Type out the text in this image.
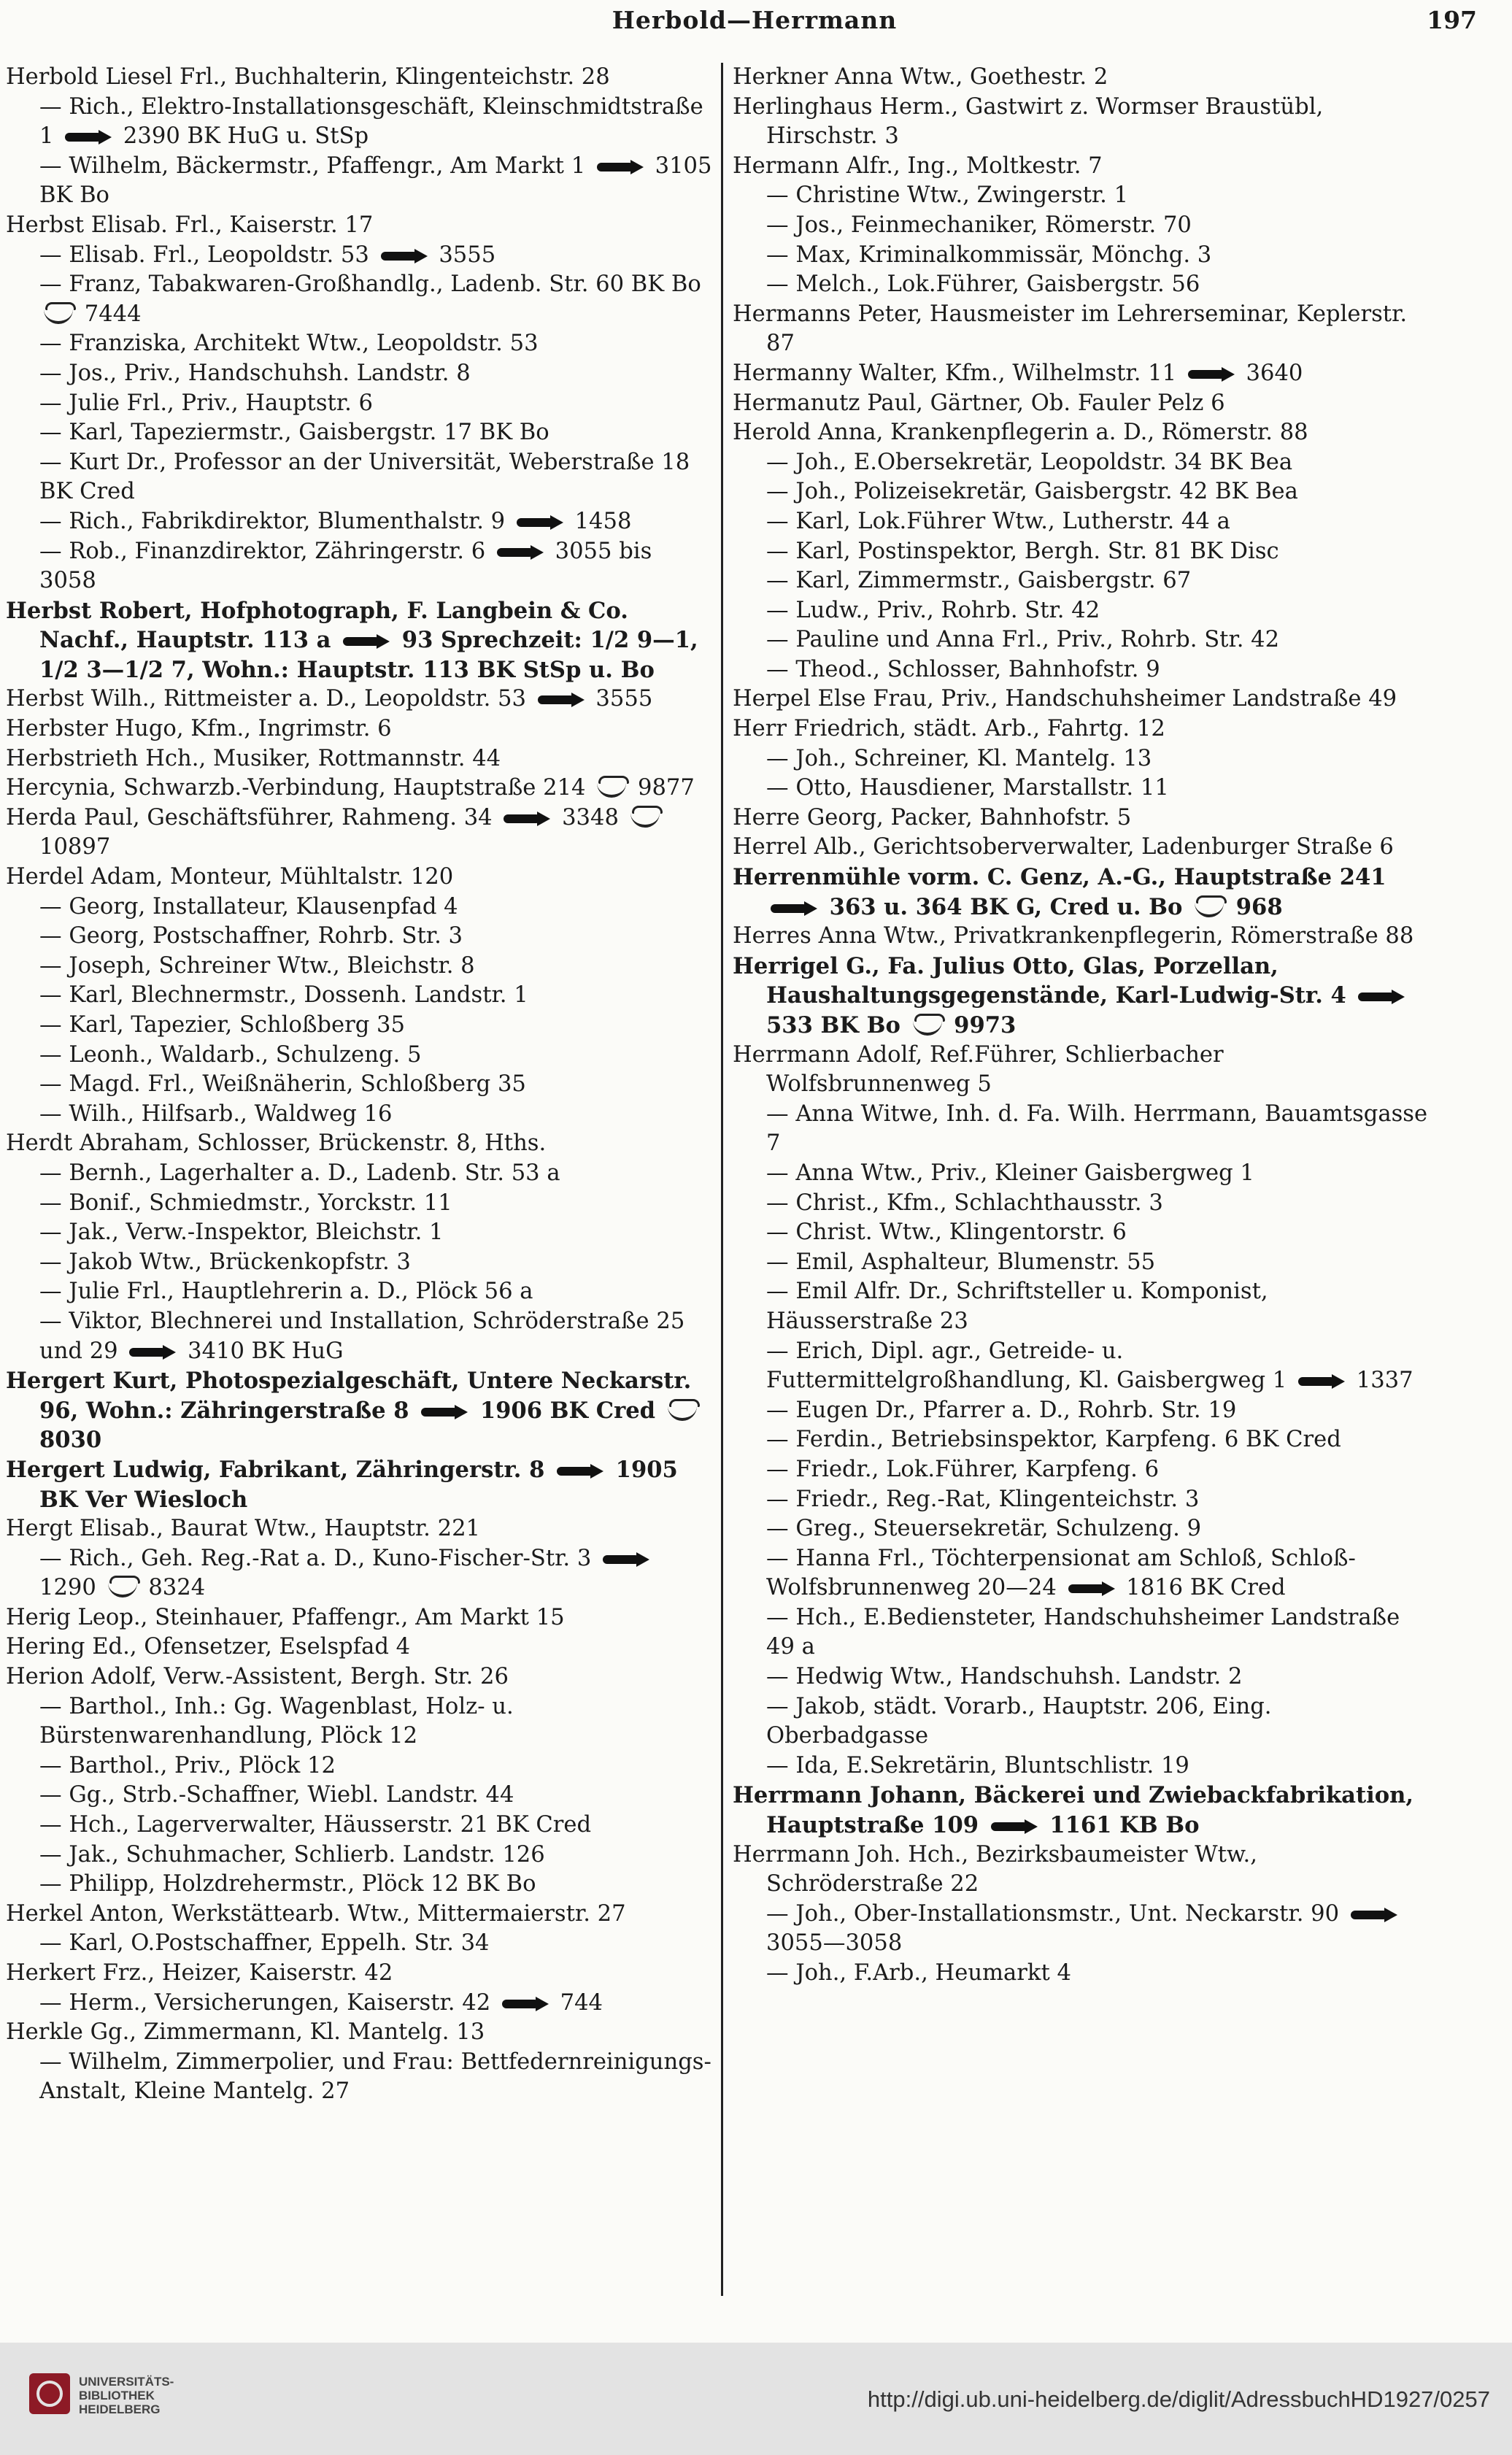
Herbold—Herrmann	197

Herbold Liesel Frl., Buchhalterin, Klingenteichstr. 28

— Rich., Elektro-Installationsgeschäft, Kleinschmidtstraße 1  2390 BK HuG u. StSp

— Wilhelm, Bäckermstr., Pfaffengr., Am Markt 1  3105 BK Bo

Herbst Elisab. Frl., Kaiserstr. 17

— Elisab. Frl., Leopoldstr. 53  3555

— Franz, Tabakwaren-Großhandlg., Ladenb. Str. 60 BK Bo  7444

— Franziska, Architekt Wtw., Leopoldstr. 53

— Jos., Priv., Handschuhsh. Landstr. 8

— Julie Frl., Priv., Hauptstr. 6

— Karl, Tapeziermstr., Gaisbergstr. 17 BK Bo

— Kurt Dr., Professor an der Universität, Weberstraße 18 BK Cred

— Rich., Fabrikdirektor, Blumenthalstr. 9  1458

— Rob., Finanzdirektor, Zähringerstr. 6  3055 bis 3058

Herbst Robert, Hofphotograph, F. Langbein & Co. Nachf., Hauptstr. 113 a  93 Sprechzeit: 1/2 9—1, 1/2 3—1/2 7, Wohn.: Hauptstr. 113 BK StSp u. Bo

Herbst Wilh., Rittmeister a. D., Leopoldstr. 53  3555

Herbster Hugo, Kfm., Ingrimstr. 6

Herbstrieth Hch., Musiker, Rottmannstr. 44

Hercynia, Schwarzb.-Verbindung, Hauptstraße 214  9877

Herda Paul, Geschäftsführer, Rahmeng. 34  3348  10897

Herdel Adam, Monteur, Mühltalstr. 120

— Georg, Installateur, Klausenpfad 4

— Georg, Postschaffner, Rohrb. Str. 3

— Joseph, Schreiner Wtw., Bleichstr. 8

— Karl, Blechnermstr., Dossenh. Landstr. 1

— Karl, Tapezier, Schloßberg 35

— Leonh., Waldarb., Schulzeng. 5

— Magd. Frl., Weißnäherin, Schloßberg 35

— Wilh., Hilfsarb., Waldweg 16

Herdt Abraham, Schlosser, Brückenstr. 8, Hths.

— Bernh., Lagerhalter a. D., Ladenb. Str. 53 a

— Bonif., Schmiedmstr., Yorckstr. 11

— Jak., Verw.-Inspektor, Bleichstr. 1

— Jakob Wtw., Brückenkopfstr. 3

— Julie Frl., Hauptlehrerin a. D., Plöck 56 a

— Viktor, Blechnerei und Installation, Schröderstraße 25 und 29  3410 BK HuG

Hergert Kurt, Photospezialgeschäft, Untere Neckarstr. 96, Wohn.: Zähringerstraße 8  1906 BK Cred  8030

Hergert Ludwig, Fabrikant, Zähringerstr. 8  1905 BK Ver Wiesloch

Hergt Elisab., Baurat Wtw., Hauptstr. 221

— Rich., Geh. Reg.-Rat a. D., Kuno-Fischer-Str. 3  1290  8324

Herig Leop., Steinhauer, Pfaffengr., Am Markt 15

Hering Ed., Ofensetzer, Eselspfad 4

Herion Adolf, Verw.-Assistent, Bergh. Str. 26

— Barthol., Inh.: Gg. Wagenblast, Holz- u. Bürstenwarenhandlung, Plöck 12

— Barthol., Priv., Plöck 12

— Gg., Strb.-Schaffner, Wiebl. Landstr. 44

— Hch., Lagerverwalter, Häusserstr. 21 BK Cred

— Jak., Schuhmacher, Schlierb. Landstr. 126

— Philipp, Holzdrehermstr., Plöck 12 BK Bo

Herkel Anton, Werkstättearb. Wtw., Mittermaierstr. 27

— Karl, O.Postschaffner, Eppelh. Str. 34

Herkert Frz., Heizer, Kaiserstr. 42

— Herm., Versicherungen, Kaiserstr. 42  744

Herkle Gg., Zimmermann, Kl. Mantelg. 13

— Wilhelm, Zimmerpolier, und Frau: Bettfedernreinigungs-Anstalt, Kleine Mantelg. 27

Herkner Anna Wtw., Goethestr. 2

Herlinghaus Herm., Gastwirt z. Wormser Braustübl, Hirschstr. 3

Hermann Alfr., Ing., Moltkestr. 7

— Christine Wtw., Zwingerstr. 1

— Jos., Feinmechaniker, Römerstr. 70

— Max, Kriminalkommissär, Mönchg. 3

— Melch., Lok.Führer, Gaisbergstr. 56

Hermanns Peter, Hausmeister im Lehrerseminar, Keplerstr. 87

Hermanny Walter, Kfm., Wilhelmstr. 11  3640

Hermanutz Paul, Gärtner, Ob. Fauler Pelz 6

Herold Anna, Krankenpflegerin a. D., Römerstr. 88

— Joh., E.Obersekretär, Leopoldstr. 34 BK Bea

— Joh., Polizeisekretär, Gaisbergstr. 42 BK Bea

— Karl, Lok.Führer Wtw., Lutherstr. 44 a

— Karl, Postinspektor, Bergh. Str. 81 BK Disc

— Karl, Zimmermstr., Gaisbergstr. 67

— Ludw., Priv., Rohrb. Str. 42

— Pauline und Anna Frl., Priv., Rohrb. Str. 42

— Theod., Schlosser, Bahnhofstr. 9

Herpel Else Frau, Priv., Handschuhsheimer Landstraße 49

Herr Friedrich, städt. Arb., Fahrtg. 12

— Joh., Schreiner, Kl. Mantelg. 13

— Otto, Hausdiener, Marstallstr. 11

Herre Georg, Packer, Bahnhofstr. 5

Herrel Alb., Gerichtsoberverwalter, Ladenburger Straße 6

Herrenmühle vorm. C. Genz, A.-G., Hauptstraße 241  363 u. 364 BK G, Cred u. Bo  968

Herres Anna Wtw., Privatkrankenpflegerin, Römerstraße 88

Herrigel G., Fa. Julius Otto, Glas, Porzellan, Haushaltungsgegenstände, Karl-Ludwig-Str. 4  533 BK Bo  9973

Herrmann Adolf, Ref.Führer, Schlierbacher Wolfsbrunnenweg 5

— Anna Witwe, Inh. d. Fa. Wilh. Herrmann, Bauamtsgasse 7

— Anna Wtw., Priv., Kleiner Gaisbergweg 1

— Christ., Kfm., Schlachthausstr. 3

— Christ. Wtw., Klingentorstr. 6

— Emil, Asphalteur, Blumenstr. 55

— Emil Alfr. Dr., Schriftsteller u. Komponist, Häusserstraße 23

— Erich, Dipl. agr., Getreide- u. Futtermittelgroßhandlung, Kl. Gaisbergweg 1  1337

— Eugen Dr., Pfarrer a. D., Rohrb. Str. 19

— Ferdin., Betriebsinspektor, Karpfeng. 6 BK Cred

— Friedr., Lok.Führer, Karpfeng. 6

— Friedr., Reg.-Rat, Klingenteichstr. 3

— Greg., Steuersekretär, Schulzeng. 9

— Hanna Frl., Töchterpensionat am Schloß, Schloß-Wolfsbrunnenweg 20—24  1816 BK Cred

— Hch., E.Bediensteter, Handschuhsheimer Landstraße 49 a

— Hedwig Wtw., Handschuhsh. Landstr. 2

— Jakob, städt. Vorarb., Hauptstr. 206, Eing. Oberbadgasse

— Ida, E.Sekretärin, Bluntschlistr. 19

Herrmann Johann, Bäckerei und Zwiebackfabrikation, Hauptstraße 109  1161 KB Bo

Herrmann Joh. Hch., Bezirksbaumeister Wtw., Schröderstraße 22

— Joh., Ober-Installationsmstr., Unt. Neckarstr. 90  3055—3058

— Joh., F.Arb., Heumarkt 4

UNIVERSITÄTS-
BIBLIOTHEK
HEIDELBERG	http://digi.ub.uni-heidelberg.de/diglit/AdressbuchHD1927/0257
